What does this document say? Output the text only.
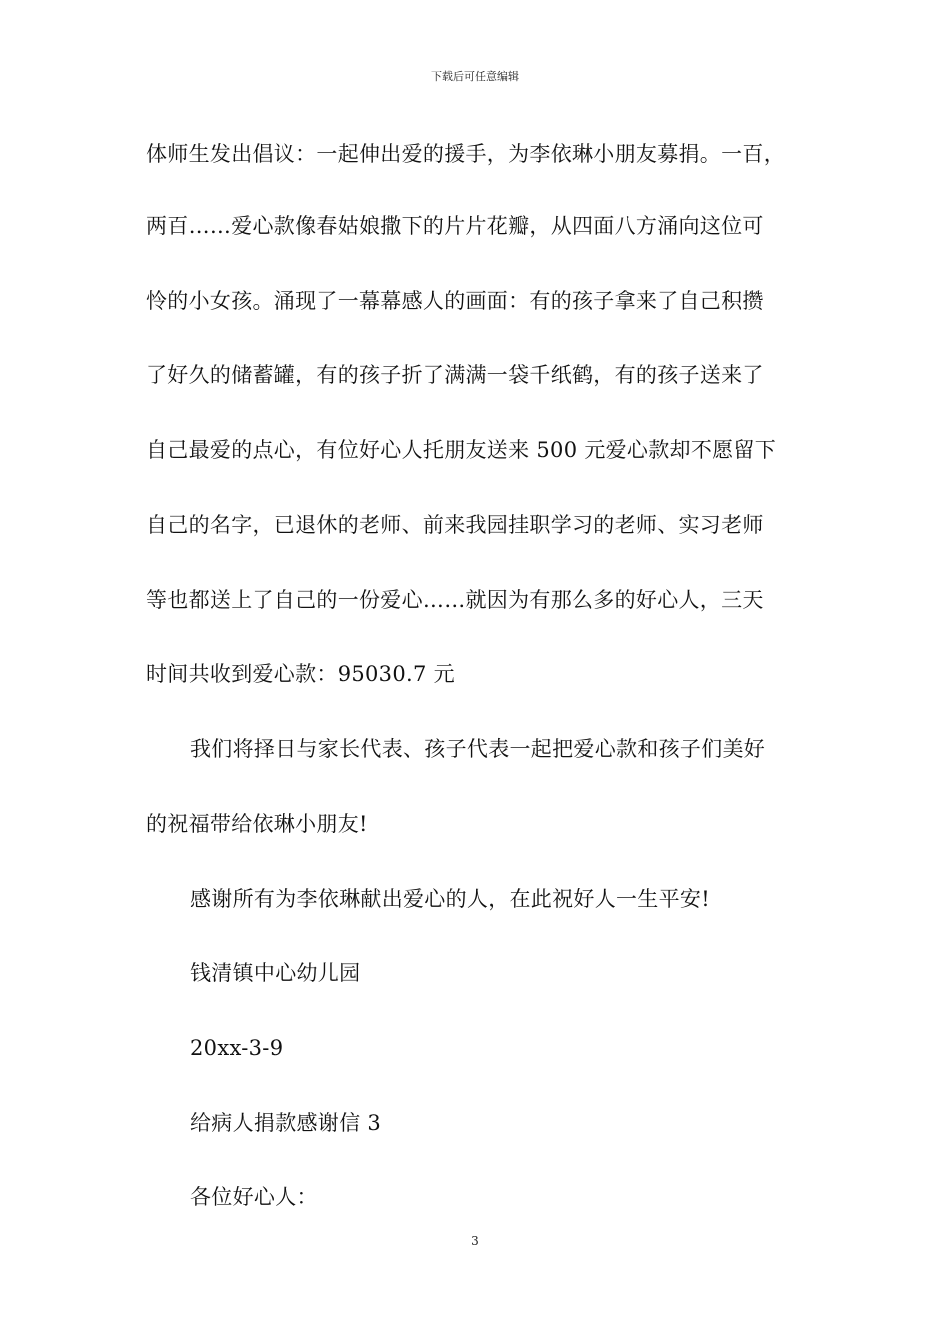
下载后可任意编辑
体师生发出倡议：一起伸出爱的援手，为李依琳小朋友募捐。一百，
两百……爱心款像春姑娘撒下的片片花瓣，从四面八方涌向这位可
怜的小女孩。涌现了一幕幕感人的画面：有的孩子拿来了自己积攒
了好久的储蓄罐，有的孩子折了满满一袋千纸鹤，有的孩子送来了
自己最爱的点心，有位好心人托朋友送来 500 元爱心款却不愿留下
自己的名字，已退休的老师、前来我园挂职学习的老师、实习老师
等也都送上了自己的一份爱心……就因为有那么多的好心人，三天
时间共收到爱心款：95030.7 元
我们将择日与家长代表、孩子代表一起把爱心款和孩子们美好
的祝福带给依琳小朋友!
感谢所有为李依琳献出爱心的人，在此祝好人一生平安!
钱清镇中心幼儿园
20xx-3-9
给病人捐款感谢信 3
各位好心人：
3
